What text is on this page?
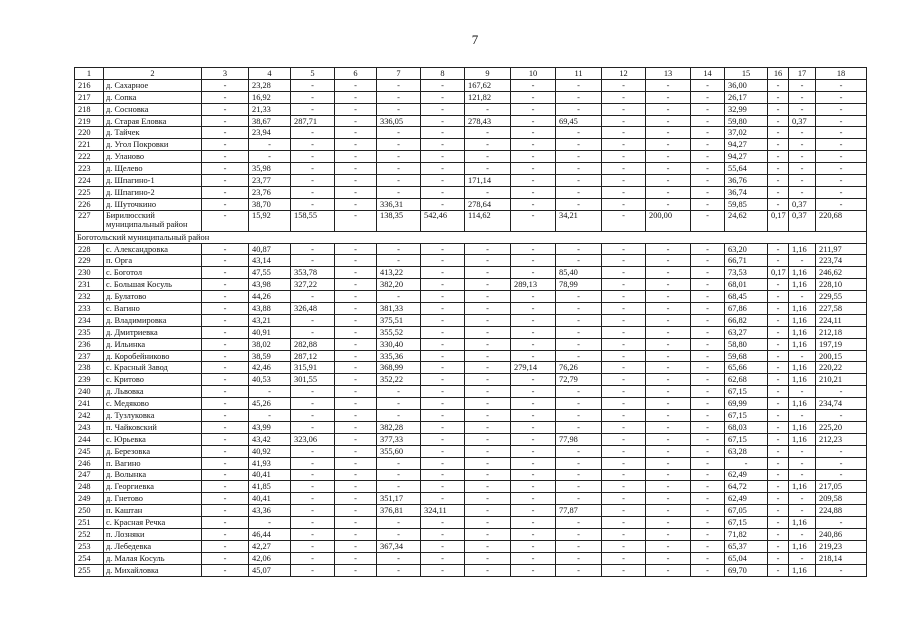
7
1	2	3	4	5	6	7	8	9	10	11	12	13	14	15	16	17	18
216	д. Сахарное	-	23,28	-	-	-	-	167,62	-	-	-	-	-	36,00	-	-	-
217	д. Сопка	-	16,92	-	-	-	-	121,82	-	-	-	-	-	26,17	-	-	-
218	д. Сосновка	-	21,33	-	-	-	-	-	-	-	-	-	-	32,99	-	-	-
219	д. Старая Еловка	-	38,67	287,71	-	336,05	-	278,43	-	69,45	-	-	-	59,80	-	0,37	-
220	д. Тайчек	-	23,94	-	-	-	-	-	-	-	-	-	-	37,02	-	-	-
221	д. Угол Покровки	-	-	-	-	-	-	-	-	-	-	-	-	94,27	-	-	-
222	д. Уланово	-	-	-	-	-	-	-	-	-	-	-	-	94,27	-	-	-
223	д. Щелево	-	35,98	-	-	-	-	-	-	-	-	-	-	55,64	-	-	-
224	д. Шпагино-1	-	23,77	-	-	-	-	171,14	-	-	-	-	-	36,76	-	-	-
225	д. Шпагино-2	-	23,76	-	-	-	-	-	-	-	-	-	-	36,74	-	-	-
226	д. Шуточкино	-	38,70	-	-	336,31	-	278,64	-	-	-	-	-	59,85	-	0,37	-
227	Бирилюсский муниципальный район	-	15,92	158,55	-	138,35	542,46	114,62	-	34,21	-	200,00	-	24,62	0,17	0,37	220,68
Боготольский муниципальный район																	
228	с. Александровка	-	40,87	-	-	-	-	-	-	-	-	-	-	63,20	-	1,16	211,97
229	п. Орга	-	43,14	-	-	-	-	-	-	-	-	-	-	66,71	-	-	223,74
230	с. Боготол	-	47,55	353,78	-	413,22	-	-	-	85,40	-	-	-	73,53	0,17	1,16	246,62
231	с. Большая Косуль	-	43,98	327,22	-	382,20	-	-	289,13	78,99	-	-	-	68,01	-	1,16	228,10
232	д. Булатово	-	44,26	-	-	-	-	-	-	-	-	-	-	68,45	-	-	229,55
233	с. Вагино	-	43,88	326,48	-	381,33	-	-	-	-	-	-	-	67,86	-	1,16	227,58
234	д. Владимировка	-	43,21	-	-	375,51	-	-	-	-	-	-	-	66,82	-	1,16	224,11
235	д. Дмитриевка	-	40,91	-	-	355,52	-	-	-	-	-	-	-	63,27	-	1,16	212,18
236	д. Ильинка	-	38,02	282,88	-	330,40	-	-	-	-	-	-	-	58,80	-	1,16	197,19
237	д. Коробейниково	-	38,59	287,12	-	335,36	-	-	-	-	-	-	-	59,68	-	-	200,15
238	с. Красный Завод	-	42,46	315,91	-	368,99	-	-	279,14	76,26	-	-	-	65,66	-	1,16	220,22
239	с. Критово	-	40,53	301,55	-	352,22	-	-	-	72,79	-	-	-	62,68	-	1,16	210,21
240	д. Львовка	-	-	-	-	-	-	-	-	-	-	-	-	67,15	-	-	-
241	с. Медяково	-	45,26	-	-	-	-	-	-	-	-	-	-	69,99	-	1,16	234,74
242	д. Тузлуковка	-	-	-	-	-	-	-	-	-	-	-	-	67,15	-	-	-
243	п. Чайковский	-	43,99	-	-	382,28	-	-	-	-	-	-	-	68,03	-	1,16	225,20
244	с. Юрьевка	-	43,42	323,06	-	377,33	-	-	-	77,98	-	-	-	67,15	-	1,16	212,23
245	д. Березовка	-	40,92	-	-	355,60	-	-	-	-	-	-	-	63,28	-	-	-
246	п. Вагино	-	41,93	-	-	-	-	-	-	-	-	-	-	-	-	-	-
247	д. Волынка	-	40,41	-	-	-	-	-	-	-	-	-	-	62,49	-	-	-
248	д. Георгиевка	-	41,85	-	-	-	-	-	-	-	-	-	-	64,72	-	1,16	217,05
249	д. Гнетово	-	40,41	-	-	351,17	-	-	-	-	-	-	-	62,49	-	-	209,58
250	п. Каштан	-	43,36	-	-	376,81	324,11	-	-	77,87	-	-	-	67,05	-	-	224,88
251	с. Красная Речка	-	-	-	-	-	-	-	-	-	-	-	-	67,15	-	1,16	-
252	п. Лозняки	-	46,44	-	-	-	-	-	-	-	-	-	-	71,82	-	-	240,86
253	д. Лебедевка	-	42,27	-	-	367,34	-	-	-	-	-	-	-	65,37	-	1,16	219,23
254	д. Малая Косуль	-	42,06	-	-	-	-	-	-	-	-	-	-	65,04	-	-	218,14
255	д. Михайловка	-	45,07	-	-	-	-	-	-	-	-	-	-	69,70	-	1,16	-
